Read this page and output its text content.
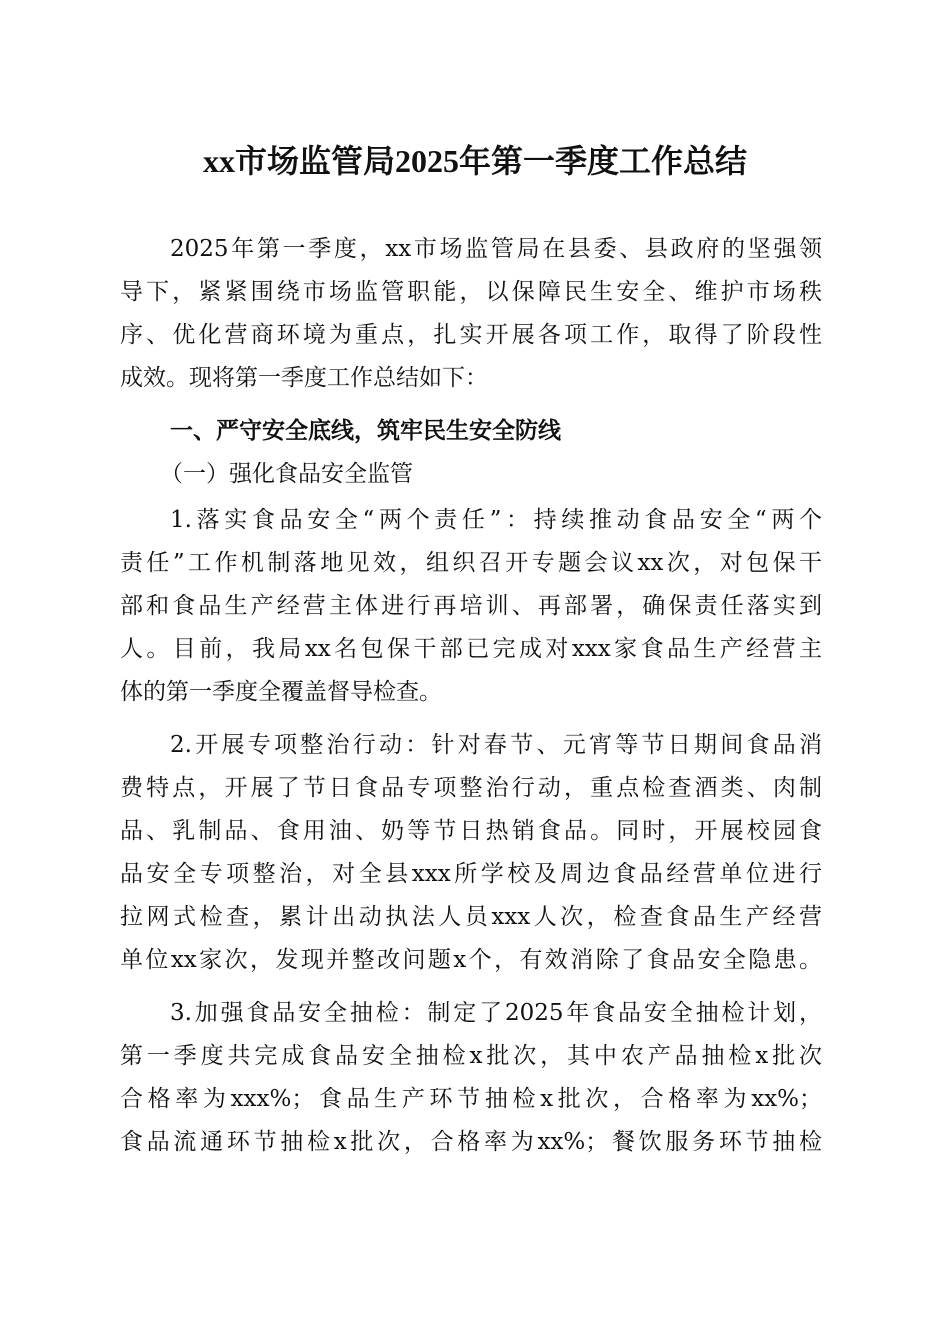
xx市场监管局2025年第一季度工作总结
2025年第一季度，xx市场监管局在县委、县政府的坚强领
导下，紧紧围绕市场监管职能，以保障民生安全、维护市场秩
序、优化营商环境为重点，扎实开展各项工作，取得了阶段性
成效。现将第一季度工作总结如下：
一、严守安全底线，筑牢民生安全防线
（一）强化食品安全监管
1.落实食品安全“两个责任”：持续推动食品安全“两个
责任”工作机制落地见效，组织召开专题会议xx次，对包保干
部和食品生产经营主体进行再培训、再部署，确保责任落实到
人。目前，我局xx名包保干部已完成对xxx家食品生产经营主
体的第一季度全覆盖督导检查。
2.开展专项整治行动：针对春节、元宵等节日期间食品消
费特点，开展了节日食品专项整治行动，重点检查酒类、肉制
品、乳制品、食用油、奶等节日热销食品。同时，开展校园食
品安全专项整治，对全县xxx所学校及周边食品经营单位进行
拉网式检查，累计出动执法人员xxx人次，检查食品生产经营
单位xx家次，发现并整改问题x个，有效消除了食品安全隐患。
3.加强食品安全抽检：制定了2025年食品安全抽检计划，
第一季度共完成食品安全抽检x批次，其中农产品抽检x批次
合格率为xxx%；食品生产环节抽检x批次，合格率为xx%；
食品流通环节抽检x批次，合格率为xx%；餐饮服务环节抽检
